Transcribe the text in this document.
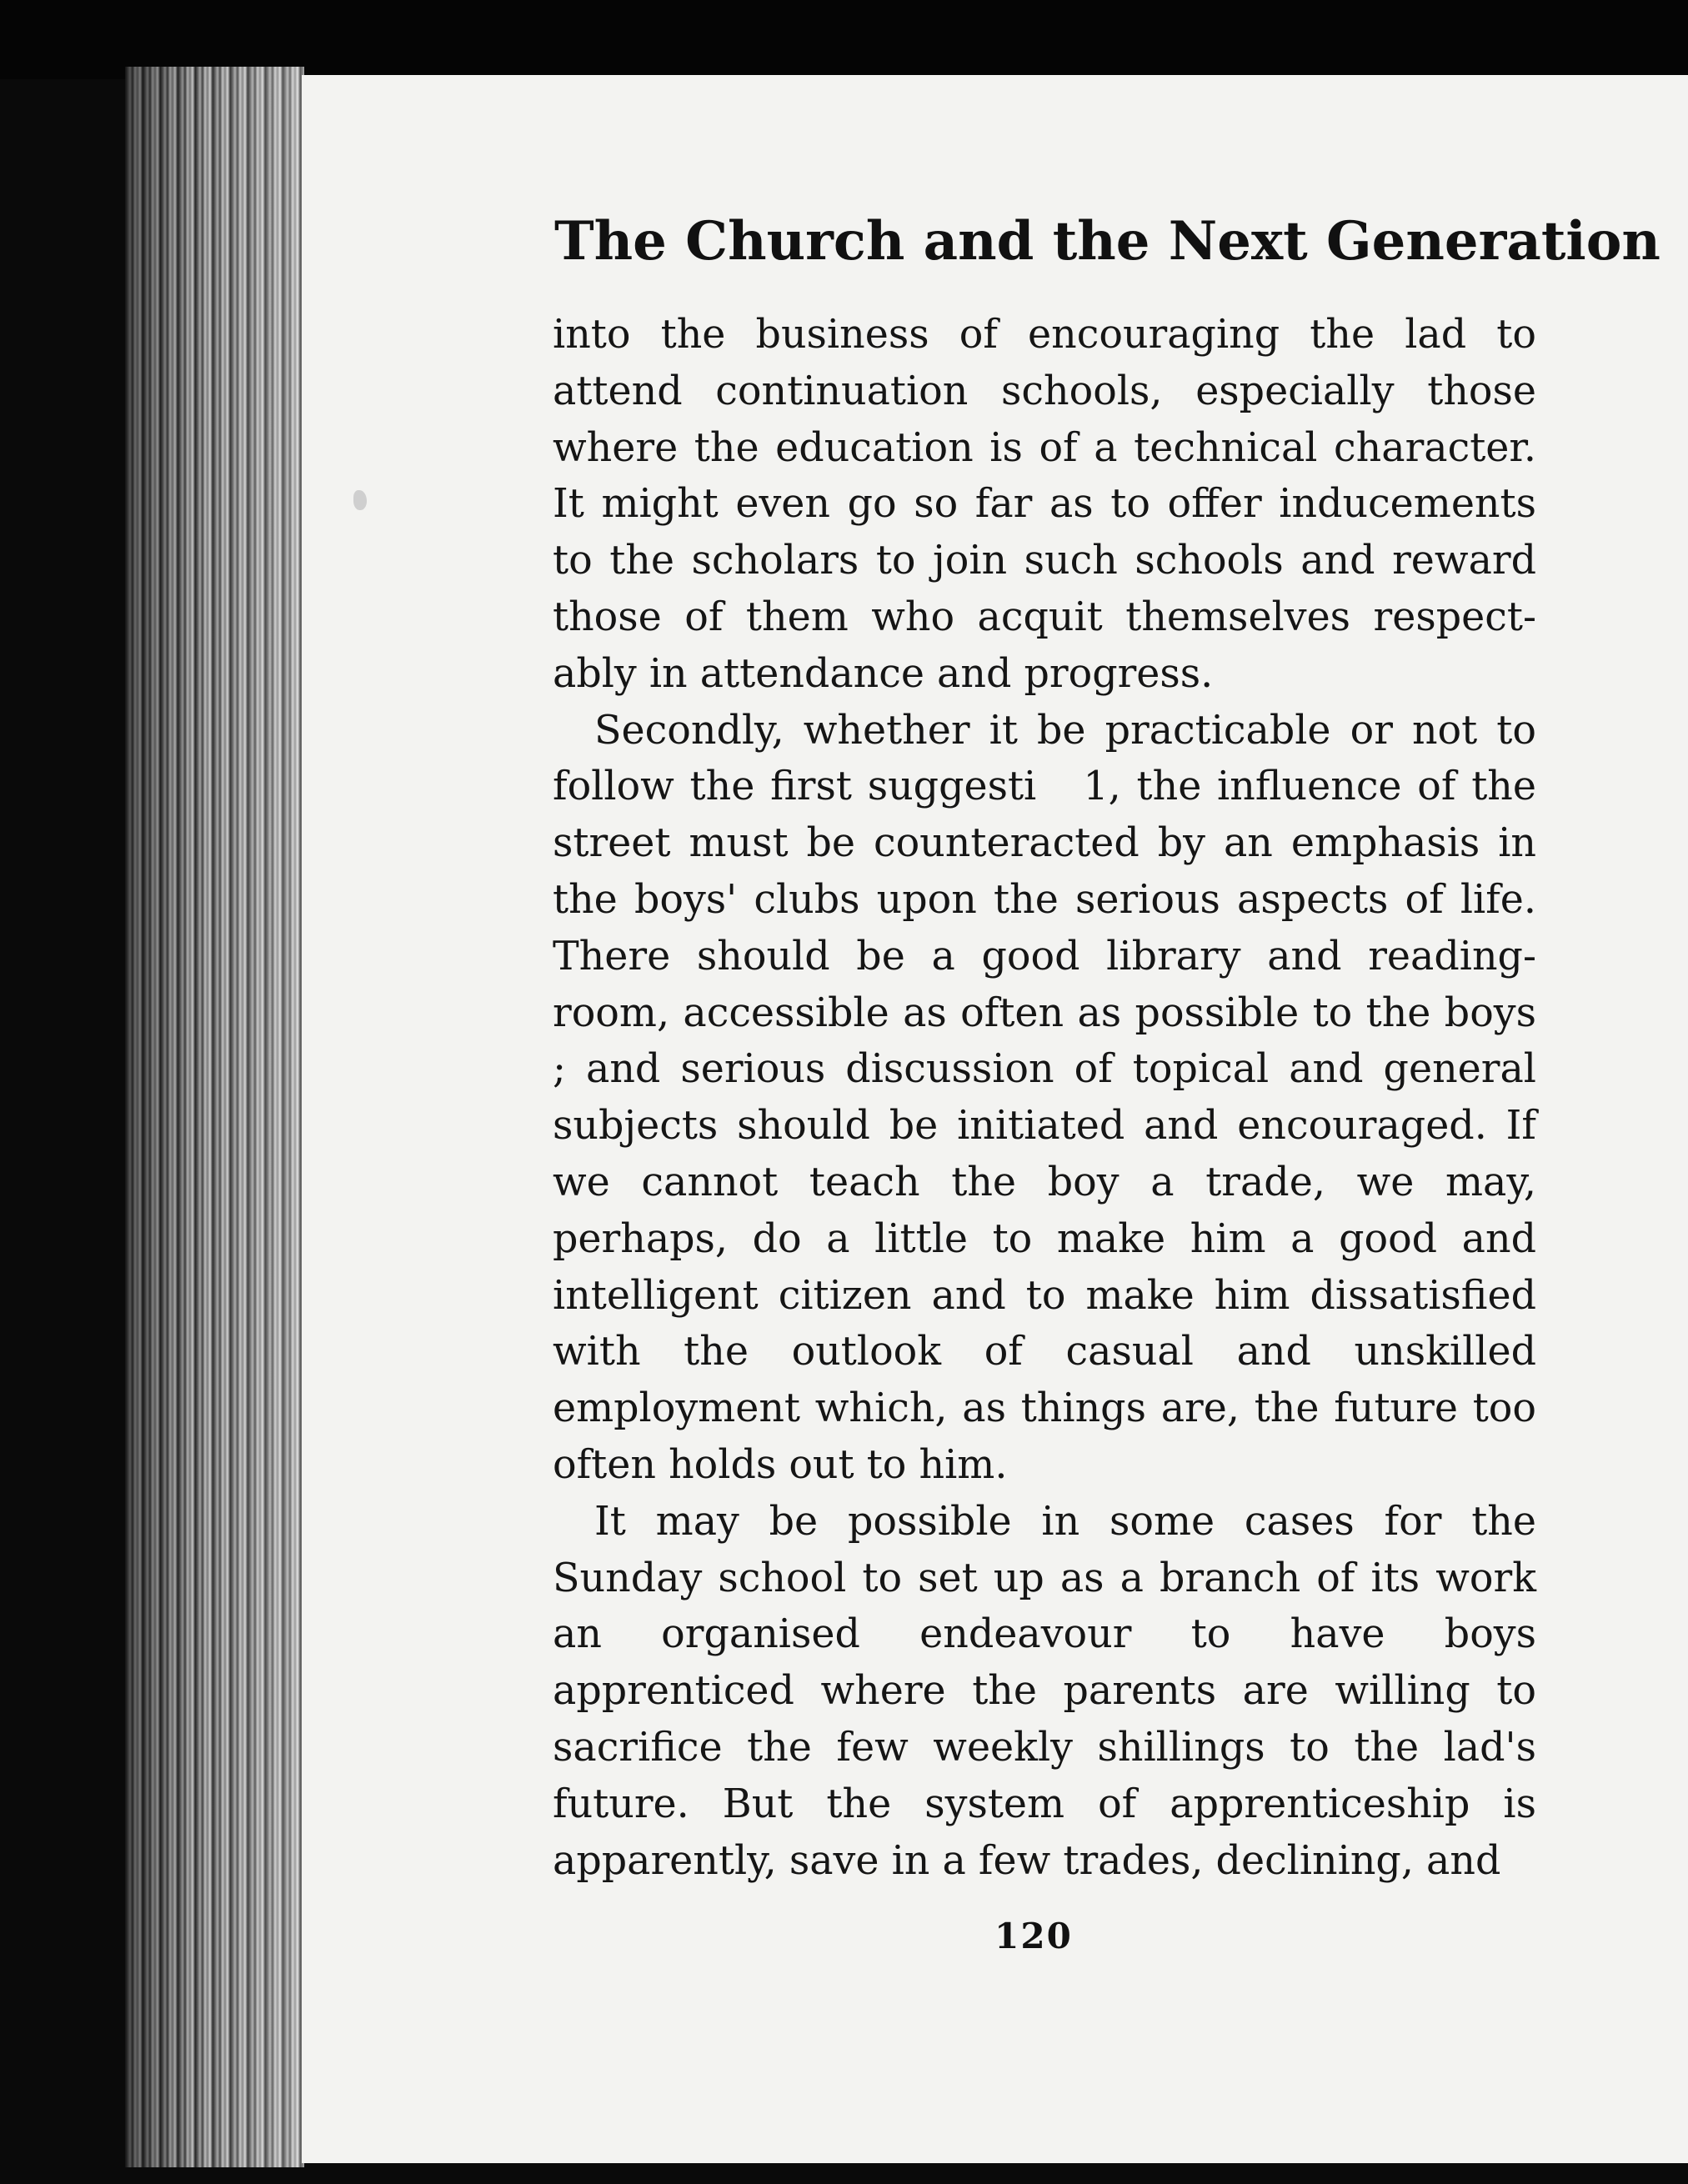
The Church and the Next Generation

into the business of encouraging the lad to attend continuation schools, especially those where the education is of a technical character. It might even go so far as to offer inducements to the scholars to join such schools and reward those of them who acquit themselves respect- ably in attendance and progress.

Secondly, whether it be practicable or not to follow the first suggesti   1, the influence of the street must be counteracted by an emphasis in the boys' clubs upon the serious aspects of life. There should be a good library and reading-room, accessible as often as possible to the boys ; and serious discussion of topical and general subjects should be initiated and encouraged. If we cannot teach the boy a trade, we may, perhaps, do a little to make him a good and intelligent citizen and to make him dissatisfied with the outlook of casual and unskilled employment which, as things are, the future too often holds out to him.

It may be possible in some cases for the Sunday school to set up as a branch of its work an organised endeavour to have boys apprenticed where the parents are willing to sacrifice the few weekly shillings to the lad's future. But the system of apprenticeship is apparently, save in a few trades, declining, and

120
